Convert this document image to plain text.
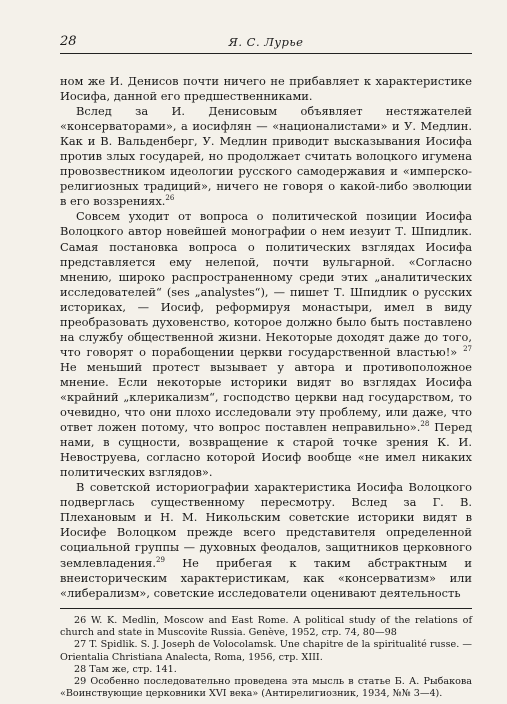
28	Я. С. Лурье

ном же И. Денисов почти ничего не прибавляет к характеристике Иосифа, данной его предшественниками.

Вслед за И. Денисовым объявляет нестяжателей «консерваторами», а иосифлян — «националистами» и У. Медлин. Как и В. Вальденберг, У. Медлин приводит высказывания Иосифа против злых государей, но продолжает считать волоцкого игумена провозвестником идеологии русского самодержавия и «имперско-религиозных традиций», ничего не говоря о какой-либо эволюции в его воззрениях.$^{26}$

Совсем уходит от вопроса о политической позиции Иосифа Волоцкого автор новейшей монографии о нем иезуит Т. Шпидлик. Самая постановка вопроса о политических взглядах Иосифа представляется ему нелепой, почти вульгарной. «Согласно мнению, широко распространенному среди этих „аналитических исследователей“ (ses „analystes“), — пишет Т. Шпидлик о русских историках, — Иосиф, реформируя монастыри, имел в виду преобразовать духовенство, которое должно было быть поставлено на службу общественной жизни. Некоторые доходят даже до того, что говорят о порабощении церкви государственной властью!» $^{27}$ Не меньший протест вызывает у автора и противоположное мнение. Если некоторые историки видят во взглядах Иосифа «крайний „клерикализм“, господство церкви над государством, то очевидно, что они плохо исследовали эту проблему, или даже, что ответ ложен потому, что вопрос поставлен неправильно».$^{28}$ Перед нами, в сущности, возвращение к старой точке зрения К. И. Невоструева, согласно которой Иосиф вообще «не имел никаких политических взглядов».

В советской историографии характеристика Иосифа Волоцкого подверглась существенному пересмотру. Вслед за Г. В. Плехановым и Н. М. Никольским советские историки видят в Иосифе Волоцком прежде всего представителя определенной социальной группы — духовных феодалов, защитников церковного землевладения.$^{29}$ Не прибегая к таким абстрактным и внеисторическим характеристикам, как «консерватизм» или «либерализм», советские исследователи оценивают деятельность

26 W. K. Medlin, Moscow and East Rome. A political study of the relations of church and state in Muscovite Russia. Genève, 1952, стр. 74, 80—98

27 T. Spidlik. S. J. Joseph de Volocolamsk. Une chapitre de la spiritualité russe. — Orientalia Christiana Analecta, Roma, 1956, стр. XIII.

28 Там же, стр. 141.

29 Особенно последовательно проведена эта мысль в статье Б. А. Рыбакова «Воинствующие церковники XVI века» (Антирелигиозник, 1934, №№ 3—4).
